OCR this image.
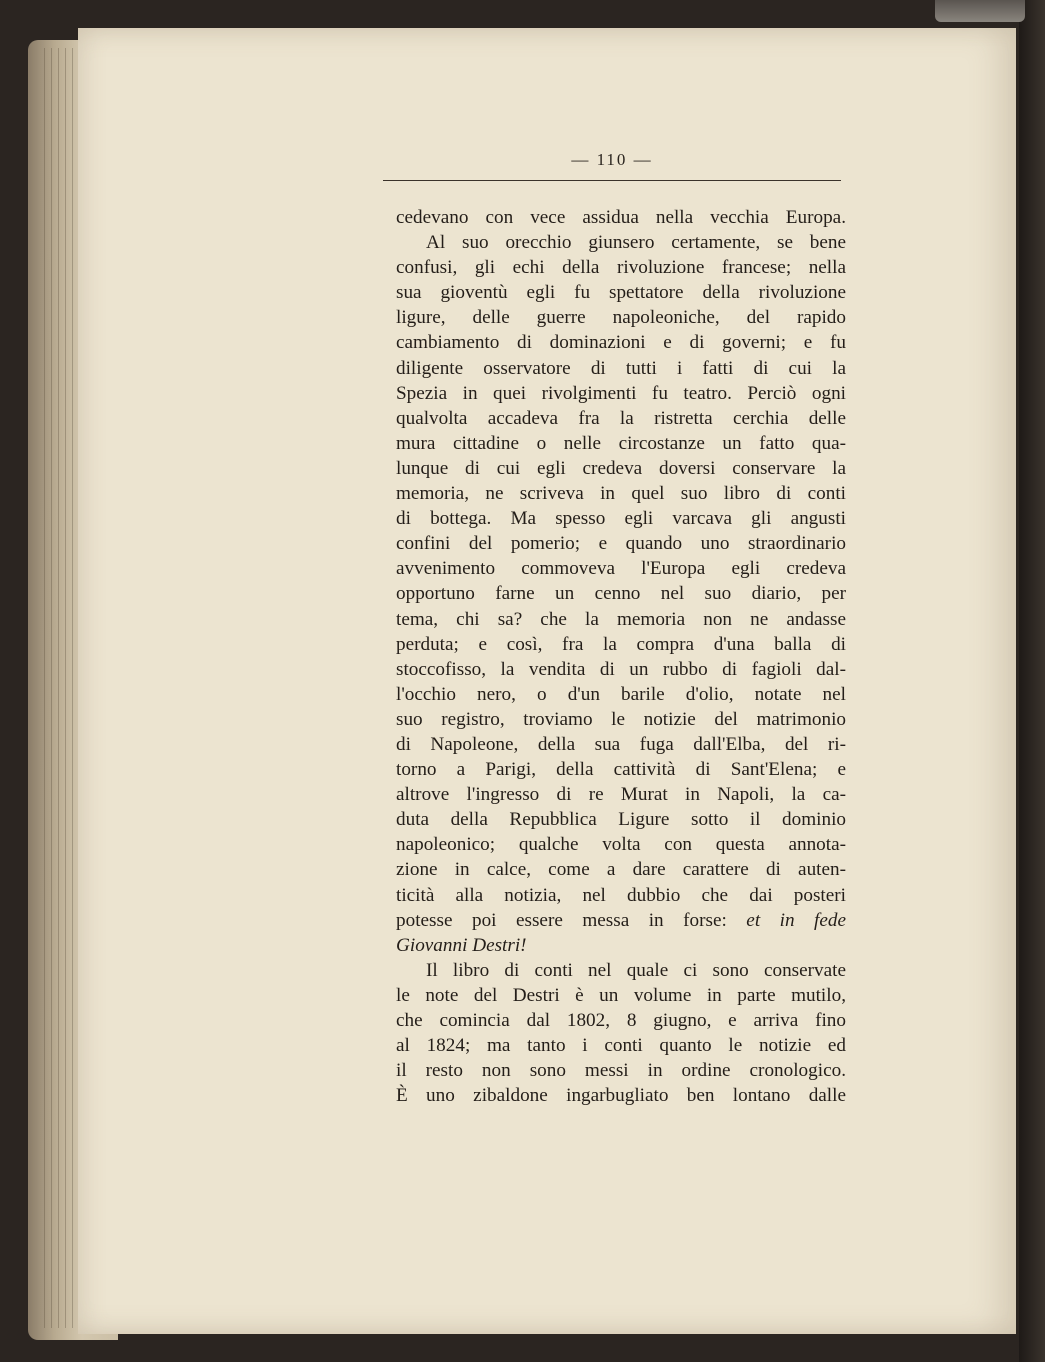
— 110 —
cedevano con vece assidua nella vecchia Europa.
Al suo orecchio giunsero certamente, se bene
confusi, gli echi della rivoluzione francese; nella
sua gioventù egli fu spettatore della rivoluzione
ligure, delle guerre napoleoniche, del rapido
cambiamento di dominazioni e di governi; e fu
diligente osservatore di tutti i fatti di cui la
Spezia in quei rivolgimenti fu teatro. Perciò ogni
qualvolta accadeva fra la ristretta cerchia delle
mura cittadine o nelle circostanze un fatto qua-
lunque di cui egli credeva doversi conservare la
memoria, ne scriveva in quel suo libro di conti
di bottega. Ma spesso egli varcava gli angusti
confini del pomerio; e quando uno straordinario
avvenimento commoveva l'Europa egli credeva
opportuno farne un cenno nel suo diario, per
tema, chi sa? che la memoria non ne andasse
perduta; e così, fra la compra d'una balla di
stoccofisso, la vendita di un rubbo di fagioli dal-
l'occhio nero, o d'un barile d'olio, notate nel
suo registro, troviamo le notizie del matrimonio
di Napoleone, della sua fuga dall'Elba, del ri-
torno a Parigi, della cattività di Sant'Elena; e
altrove l'ingresso di re Murat in Napoli, la ca-
duta della Repubblica Ligure sotto il dominio
napoleonico; qualche volta con questa annota-
zione in calce, come a dare carattere di auten-
ticità alla notizia, nel dubbio che dai posteri
potesse poi essere messa in forse: et in fede
Giovanni Destri!
Il libro di conti nel quale ci sono conservate
le note del Destri è un volume in parte mutilo,
che comincia dal 1802, 8 giugno, e arriva fino
al 1824; ma tanto i conti quanto le notizie ed
il resto non sono messi in ordine cronologico.
È uno zibaldone ingarbugliato ben lontano dalle
